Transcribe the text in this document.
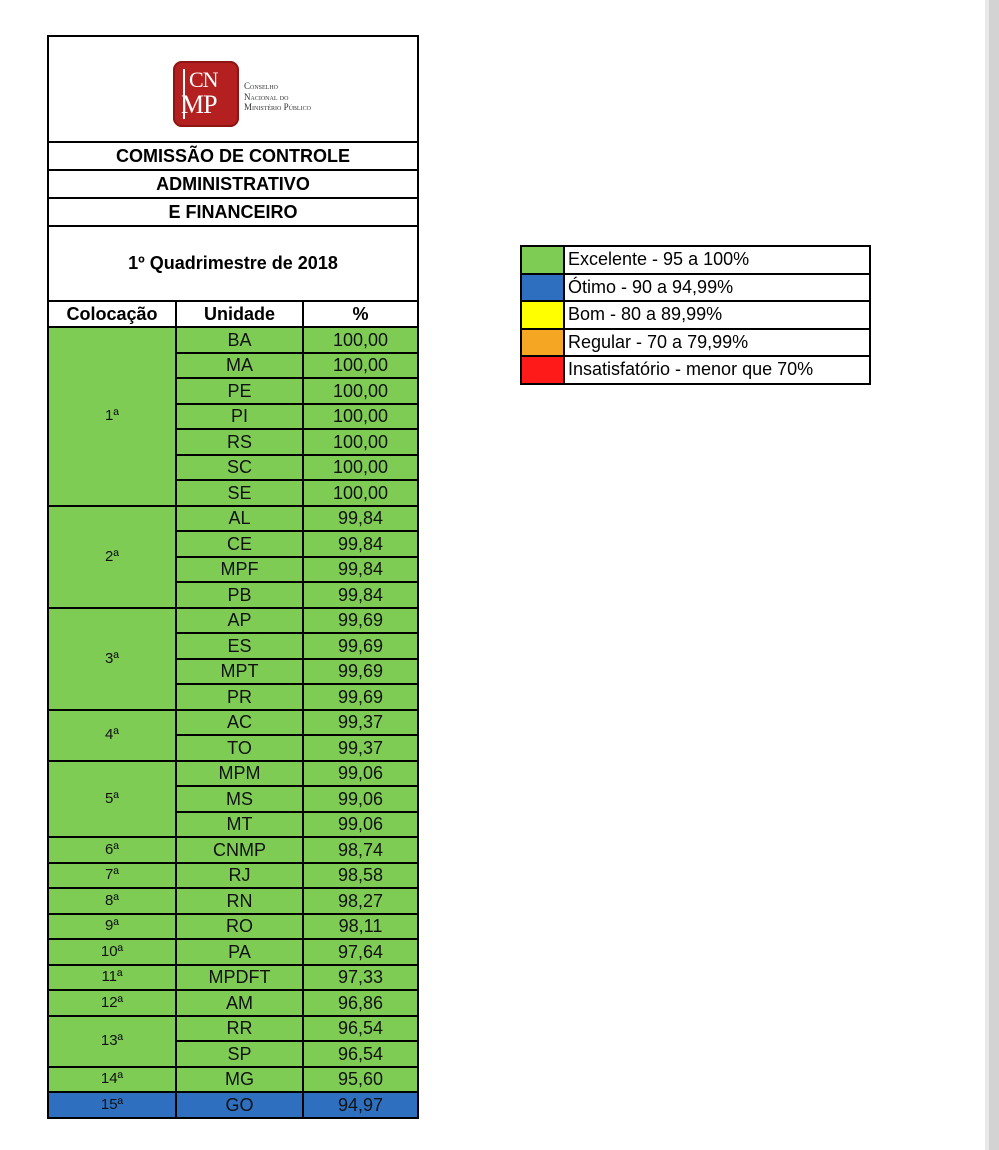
CN
MP
Conselho
Nacional do
Ministério Público
COMISSÃO DE CONTROLE
ADMINISTRATIVO
E FINANCEIRO
1º Quadrimestre de 2018
Colocação	Unidade	%
1ª	BA	100,00
	MA	100,00
	PE	100,00
	PI	100,00
	RS	100,00
	SC	100,00
	SE	100,00
2ª	AL	99,84
	CE	99,84
	MPF	99,84
	PB	99,84
3ª	AP	99,69
	ES	99,69
	MPT	99,69
	PR	99,69
4ª	AC	99,37
	TO	99,37
5ª	MPM	99,06
	MS	99,06
	MT	99,06
6ª	CNMP	98,74
7ª	RJ	98,58
8ª	RN	98,27
9ª	RO	98,11
10ª	PA	97,64
11ª	MPDFT	97,33
12ª	AM	96,86
13ª	RR	96,54
	SP	96,54
14ª	MG	95,60
15ª	GO	94,97
Excelente - 95 a 100%
Ótimo - 90 a 94,99%
Bom - 80 a 89,99%
Regular - 70 a 79,99%
Insatisfatório - menor que 70%
